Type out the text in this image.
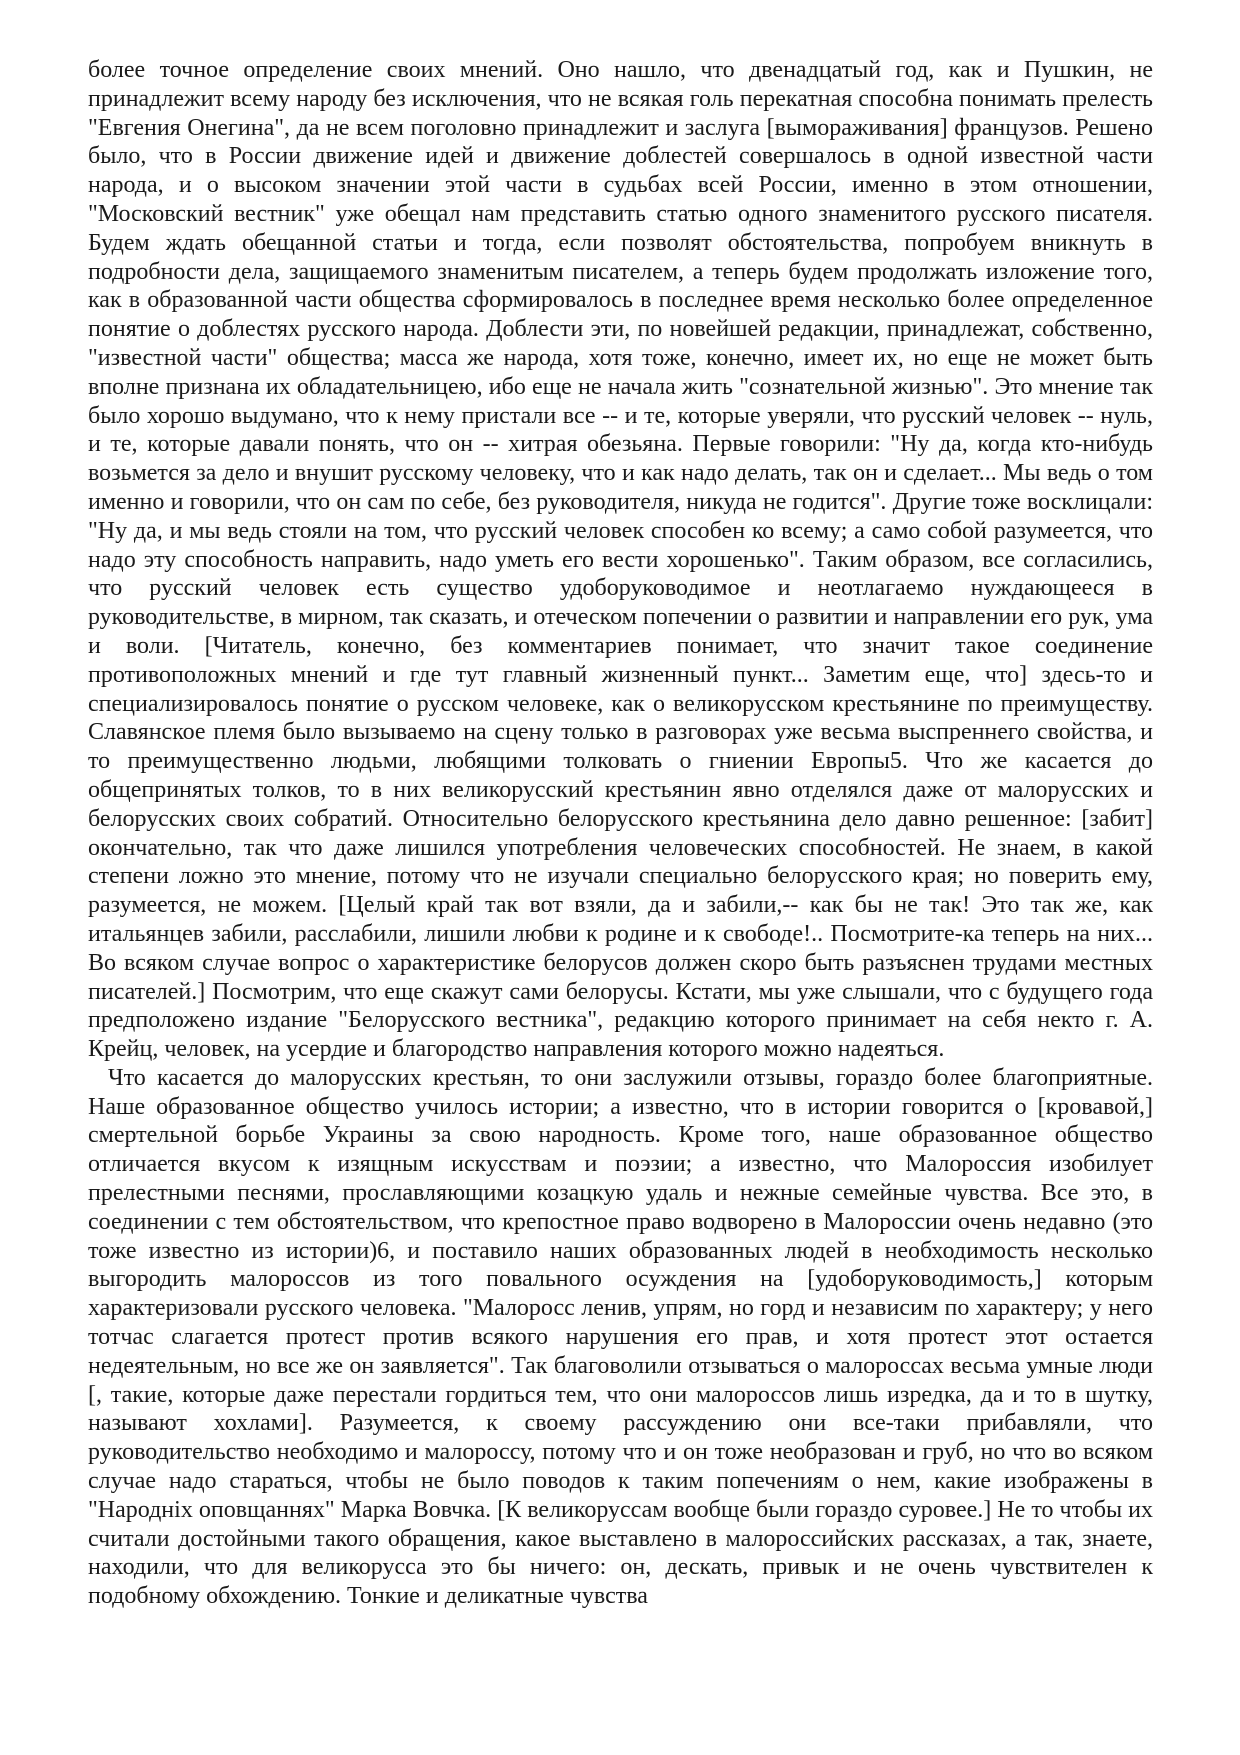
более точное определение своих мнений. Оно нашло, что двенадцатый год, как и Пушкин, не принадлежит всему народу без исключения, что не всякая голь перекатная способна понимать прелесть "Евгения Онегина", да не всем поголовно принадлежит и заслуга [вымораживания] французов. Решено было, что в России движение идей и движение доблестей совершалось в одной известной части народа, и о высоком значении этой части в судьбах всей России, именно в этом отношении, "Московский вестник" уже обещал нам представить статью одного знаменитого русского писателя. Будем ждать обещанной статьи и тогда, если позволят обстоятельства, попробуем вникнуть в подробности дела, защищаемого знаменитым писателем, а теперь будем продолжать изложение того, как в образованной части общества сформировалось в последнее время несколько более определенное понятие о доблестях русского народа. Доблести эти, по новейшей редакции, принадлежат, собственно, "известной части" общества; масса же народа, хотя тоже, конечно, имеет их, но еще не может быть вполне признана их обладательницею, ибо еще не начала жить "сознательной жизнью". Это мнение так было хорошо выдумано, что к нему пристали все -- и те, которые уверяли, что русский человек -- нуль, и те, которые давали понять, что он -- хитрая обезьяна. Первые говорили: "Ну да, когда кто-нибудь возьмется за дело и внушит русскому человеку, что и как надо делать, так он и сделает... Мы ведь о том именно и говорили, что он сам по себе, без руководителя, никуда не годится". Другие тоже восклицали: "Ну да, и мы ведь стояли на том, что русский человек способен ко всему; а само собой разумеется, что надо эту способность направить, надо уметь его вести хорошенько". Таким образом, все согласились, что русский человек есть существо удоборуководимое и неотлагаемо нуждающееся в руководительстве, в мирном, так сказать, и отеческом попечении о развитии и направлении его рук, ума и воли. [Читатель, конечно, без комментариев понимает, что значит такое соединение противоположных мнений и где тут главный жизненный пункт... Заметим еще, что] здесь-то и специализировалось понятие о русском человеке, как о великорусском крестьянине по преимуществу. Славянское племя было вызываемо на сцену только в разговорах уже весьма выспреннего свойства, и то преимущественно людьми, любящими толковать о гниении Европы5. Что же касается до общепринятых толков, то в них великорусский крестьянин явно отделялся даже от малорусских и белорусских своих собратий. Относительно белорусского крестьянина дело давно решенное: [забит] окончательно, так что даже лишился употребления человеческих способностей. Не знаем, в какой степени ложно это мнение, потому что не изучали специально белорусского края; но поверить ему, разумеется, не можем. [Целый край так вот взяли, да и забили,-- как бы не так! Это так же, как итальянцев забили, расслабили, лишили любви к родине и к свободе!.. Посмотрите-ка теперь на них... Во всяком случае вопрос о характеристике белорусов должен скоро быть разъяснен трудами местных писателей.] Посмотрим, что еще скажут сами белорусы. Кстати, мы уже слышали, что с будущего года предположено издание "Белорусского вестника", редакцию которого принимает на себя некто г. А. Крейц, человек, на усердие и благородство направления которого можно надеяться.

Что касается до малорусских крестьян, то они заслужили отзывы, гораздо более благоприятные. Наше образованное общество училось истории; а известно, что в истории говорится о [кровавой,] смертельной борьбе Украины за свою народность. Кроме того, наше образованное общество отличается вкусом к изящным искусствам и поэзии; а известно, что Малороссия изобилует прелестными песнями, прославляющими козацкую удаль и нежные семейные чувства. Все это, в соединении с тем обстоятельством, что крепостное право водворено в Малороссии очень недавно (это тоже известно из истории)6, и поставило наших образованных людей в необходимость несколько выгородить малороссов из того повального осуждения на [удоборуководимость,] которым характеризовали русского человека. "Малоросс ленив, упрям, но горд и независим по характеру; у него тотчас слагается протест против всякого нарушения его прав, и хотя протест этот остается недеятельным, но все же он заявляется". Так благоволили отзываться о малороссах весьма умные люди [, такие, которые даже перестали гордиться тем, что они малороссов лишь изредка, да и то в шутку, называют хохлами]. Разумеется, к своему рассуждению они все-таки прибавляли, что руководительство необходимо и малороссу, потому что и он тоже необразован и груб, но что во всяком случае надо стараться, чтобы не было поводов к таким попечениям о нем, какие изображены в "Народнiх оповщаннях" Марка Вовчка. [К великоруссам вообще были гораздо суровее.] Не то чтобы их считали достойными такого обращения, какое выставлено в малороссийских рассказах, а так, знаете, находили, что для великорусса это бы ничего: он, дескать, привык и не очень чувствителен к подобному обхождению. Тонкие и деликатные чувства
